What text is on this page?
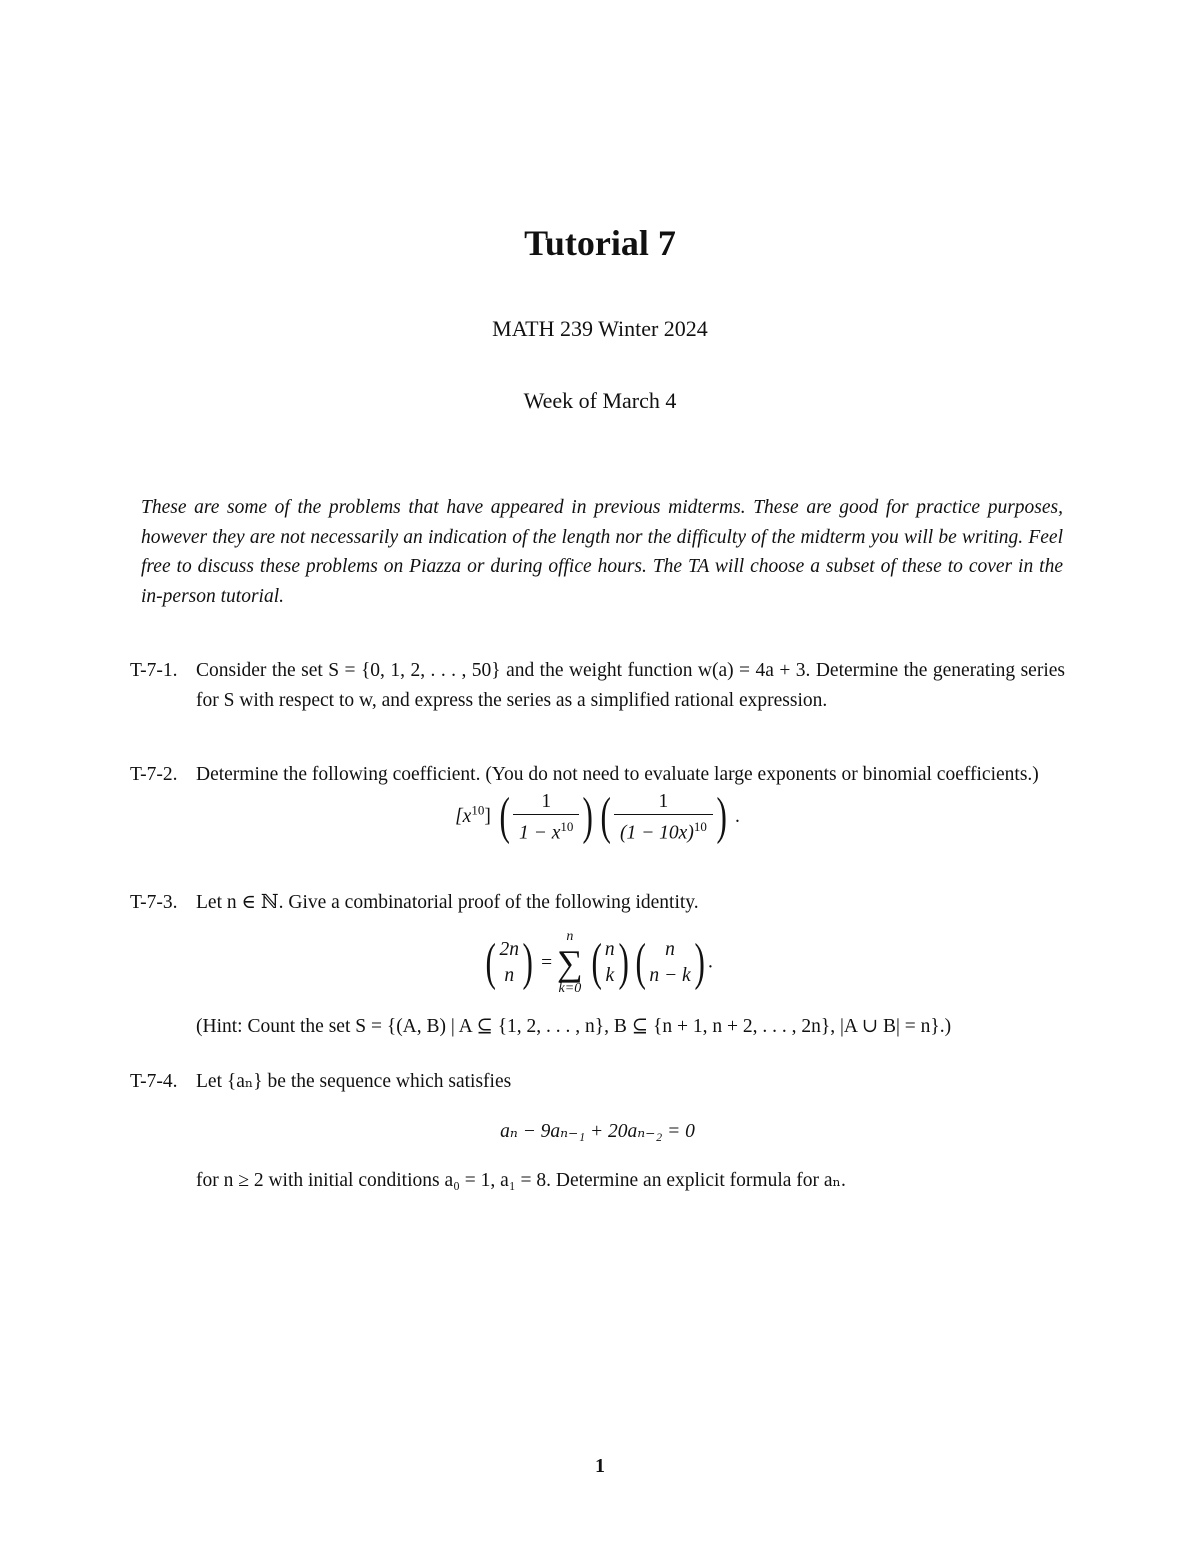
Tutorial 7
MATH 239 Winter 2024
Week of March 4
These are some of the problems that have appeared in previous midterms. These are good for practice purposes, however they are not necessarily an indication of the length nor the difficulty of the midterm you will be writing. Feel free to discuss these problems on Piazza or during office hours. The TA will choose a subset of these to cover in the in-person tutorial.
T-7-1. Consider the set S = {0, 1, 2, . . . , 50} and the weight function w(a) = 4a + 3. Determine the generating series for S with respect to w, and express the series as a simplified rational expression.
T-7-2. Determine the following coefficient. (You do not need to evaluate large exponents or binomial coefficients.)
$[x^{10}]$ ( $\frac{1}{1 - x^{10}}$ ) ( $\frac{1}{(1 - 10x)^{10}}$ ) .
T-7-3. Let n ∈ ℕ. Give a combinatorial proof of the following identity.
( 2n
n ) =
n
∑
k=0 ( n
k ) ( n
n − k ) .
(Hint: Count the set S = {(A, B) | A ⊆ {1, 2, . . . , n}, B ⊆ {n + 1, n + 2, . . . , 2n}, |A ∪ B| = n}.)
T-7-4. Let {aₙ} be the sequence which satisfies
aₙ − 9aₙ₋₁ + 20aₙ₋₂ = 0
for n ≥ 2 with initial conditions a₀ = 1, a₁ = 8. Determine an explicit formula for aₙ.
1
